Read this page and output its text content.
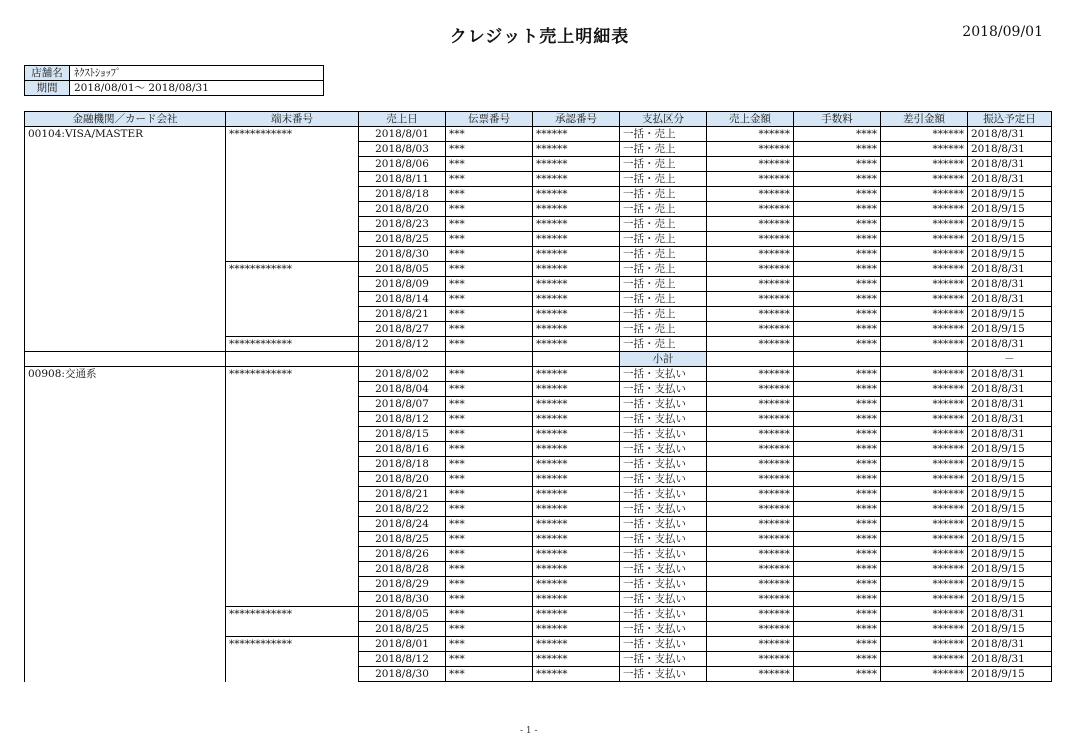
クレジット売上明細表	2018/09/01
店舗名	ﾈｸｽﾄｼｮｯﾌﾟ
期間	2018/08/01～ 2018/08/31
金融機関／カード会社	端末番号	売上日	伝票番号	承認番号	支払区分	売上金額	手数料	差引金額	振込予定日
00104:VISA/MASTER	************	2018/8/01	***	******	一括・売上	******	****	******	2018/8/31
		2018/8/03	***	******	一括・売上	******	****	******	2018/8/31
		2018/8/06	***	******	一括・売上	******	****	******	2018/8/31
		2018/8/11	***	******	一括・売上	******	****	******	2018/8/31
		2018/8/18	***	******	一括・売上	******	****	******	2018/9/15
		2018/8/20	***	******	一括・売上	******	****	******	2018/9/15
		2018/8/23	***	******	一括・売上	******	****	******	2018/9/15
		2018/8/25	***	******	一括・売上	******	****	******	2018/9/15
		2018/8/30	***	******	一括・売上	******	****	******	2018/9/15
	************	2018/8/05	***	******	一括・売上	******	****	******	2018/8/31
		2018/8/09	***	******	一括・売上	******	****	******	2018/8/31
		2018/8/14	***	******	一括・売上	******	****	******	2018/8/31
		2018/8/21	***	******	一括・売上	******	****	******	2018/9/15
		2018/8/27	***	******	一括・売上	******	****	******	2018/9/15
	************	2018/8/12	***	******	一括・売上	******	****	******	2018/8/31
					小計				－
00908:交通系	************	2018/8/02	***	******	一括・支払い	******	****	******	2018/8/31
		2018/8/04	***	******	一括・支払い	******	****	******	2018/8/31
		2018/8/07	***	******	一括・支払い	******	****	******	2018/8/31
		2018/8/12	***	******	一括・支払い	******	****	******	2018/8/31
		2018/8/15	***	******	一括・支払い	******	****	******	2018/8/31
		2018/8/16	***	******	一括・支払い	******	****	******	2018/9/15
		2018/8/18	***	******	一括・支払い	******	****	******	2018/9/15
		2018/8/20	***	******	一括・支払い	******	****	******	2018/9/15
		2018/8/21	***	******	一括・支払い	******	****	******	2018/9/15
		2018/8/22	***	******	一括・支払い	******	****	******	2018/9/15
		2018/8/24	***	******	一括・支払い	******	****	******	2018/9/15
		2018/8/25	***	******	一括・支払い	******	****	******	2018/9/15
		2018/8/26	***	******	一括・支払い	******	****	******	2018/9/15
		2018/8/28	***	******	一括・支払い	******	****	******	2018/9/15
		2018/8/29	***	******	一括・支払い	******	****	******	2018/9/15
		2018/8/30	***	******	一括・支払い	******	****	******	2018/9/15
	************	2018/8/05	***	******	一括・支払い	******	****	******	2018/8/31
		2018/8/25	***	******	一括・支払い	******	****	******	2018/9/15
	************	2018/8/01	***	******	一括・支払い	******	****	******	2018/8/31
		2018/8/12	***	******	一括・支払い	******	****	******	2018/8/31
		2018/8/30	***	******	一括・支払い	******	****	******	2018/9/15
- 1 -
